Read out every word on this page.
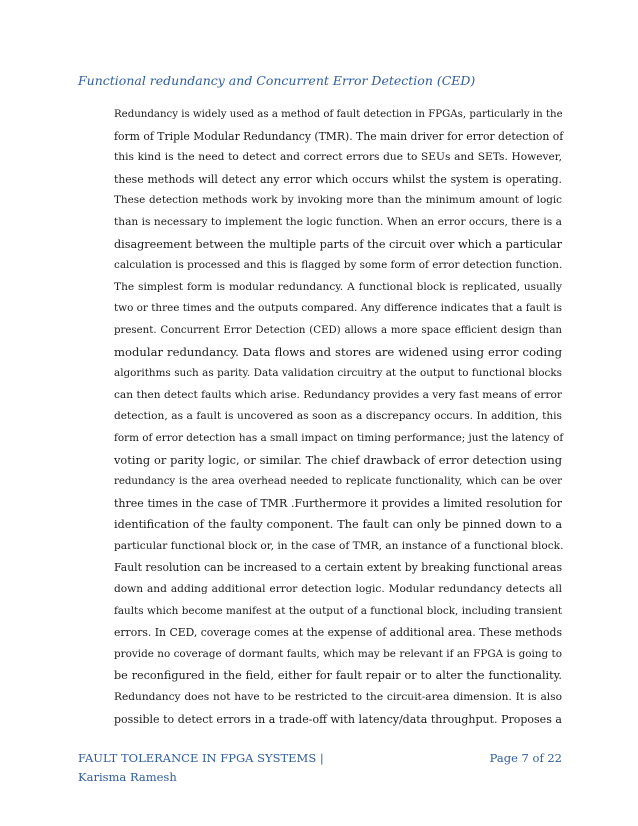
Functional redundancy and Concurrent Error Detection (CED)
Redundancy is widely used as a method of fault detection in FPGAs, particularly in the
form of Triple Modular Redundancy (TMR). The main driver for error detection of
this kind is the need to detect and correct errors due to SEUs and SETs. However,
these methods will detect any error which occurs whilst the system is operating.
These detection methods work by invoking more than the minimum amount of logic
than is necessary to implement the logic function. When an error occurs, there is a
disagreement between the multiple parts of the circuit over which a particular
calculation is processed and this is flagged by some form of error detection function.
The simplest form is modular redundancy. A functional block is replicated, usually
two or three times and the outputs compared. Any difference indicates that a fault is
present. Concurrent Error Detection (CED) allows a more space efficient design than
modular redundancy. Data flows and stores are widened using error coding
algorithms such as parity. Data validation circuitry at the output to functional blocks
can then detect faults which arise. Redundancy provides a very fast means of error
detection, as a fault is uncovered as soon as a discrepancy occurs. In addition, this
form of error detection has a small impact on timing performance; just the latency of
voting or parity logic, or similar. The chief drawback of error detection using
redundancy is the area overhead needed to replicate functionality, which can be over
three times in the case of TMR .Furthermore it provides a limited resolution for
identification of the faulty component. The fault can only be pinned down to a
particular functional block or, in the case of TMR, an instance of a functional block.
Fault resolution can be increased to a certain extent by breaking functional areas
down and adding additional error detection logic. Modular redundancy detects all
faults which become manifest at the output of a functional block, including transient
errors. In CED, coverage comes at the expense of additional area. These methods
provide no coverage of dormant faults, which may be relevant if an FPGA is going to
be reconfigured in the field, either for fault repair or to alter the functionality.
Redundancy does not have to be restricted to the circuit-area dimension. It is also
possible to detect errors in a trade-off with latency/data throughput. Proposes a
FAULT TOLERANCE IN FPGA SYSTEMS | Karisma Ramesh
Page 7 of 22
